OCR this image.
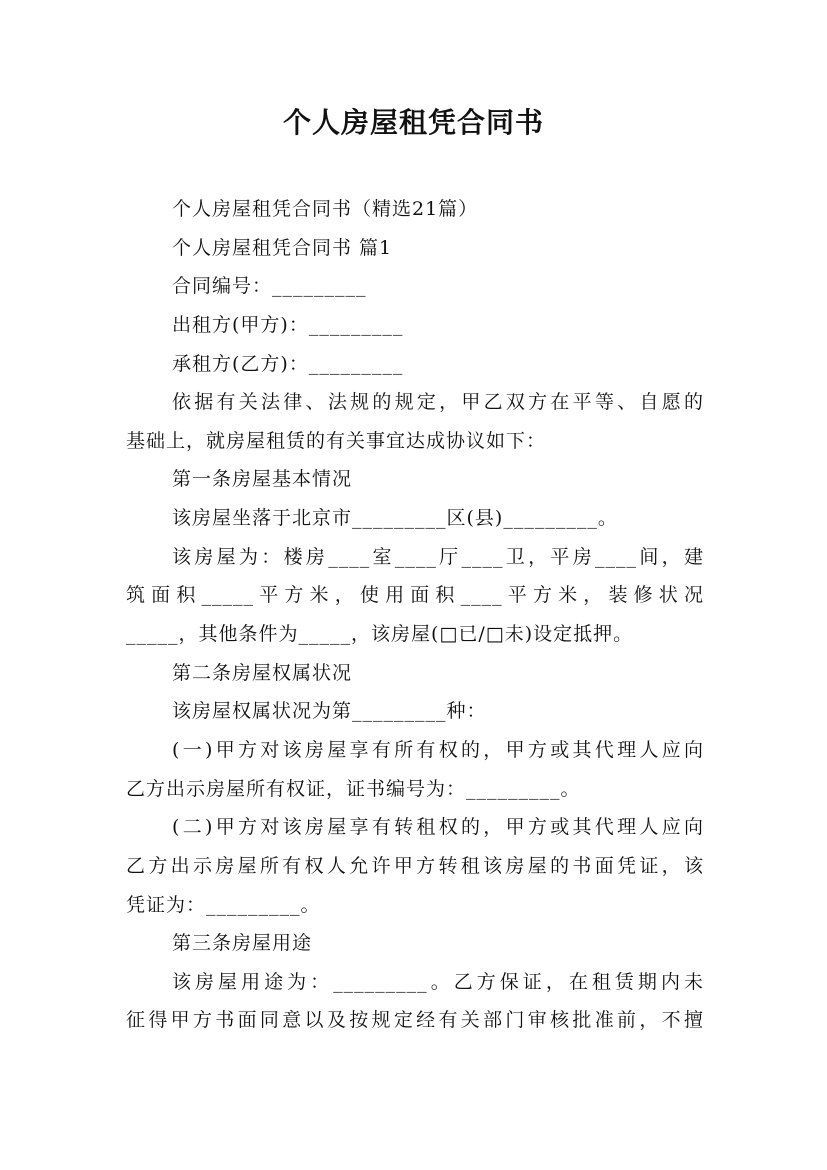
个人房屋租凭合同书
个人房屋租凭合同书（精选21篇）
个人房屋租凭合同书 篇1
合同编号：_________
出租方(甲方)：_________
承租方(乙方)：_________
依据有关法律、法规的规定，甲乙双方在平等、自愿的
基础上，就房屋租赁的有关事宜达成协议如下：
第一条房屋基本情况
该房屋坐落于北京市_________区(县)_________。
该房屋为：楼房____室____厅____卫，平房____间，建
筑面积_____平方米，使用面积____平方米，装修状况
_____，其他条件为_____，该房屋(□已/□未)设定抵押。
第二条房屋权属状况
该房屋权属状况为第_________种：
(一)甲方对该房屋享有所有权的，甲方或其代理人应向
乙方出示房屋所有权证，证书编号为：_________。
(二)甲方对该房屋享有转租权的，甲方或其代理人应向
乙方出示房屋所有权人允许甲方转租该房屋的书面凭证，该
凭证为：_________。
第三条房屋用途
该房屋用途为：_________。乙方保证，在租赁期内未
征得甲方书面同意以及按规定经有关部门审核批准前，不擅
